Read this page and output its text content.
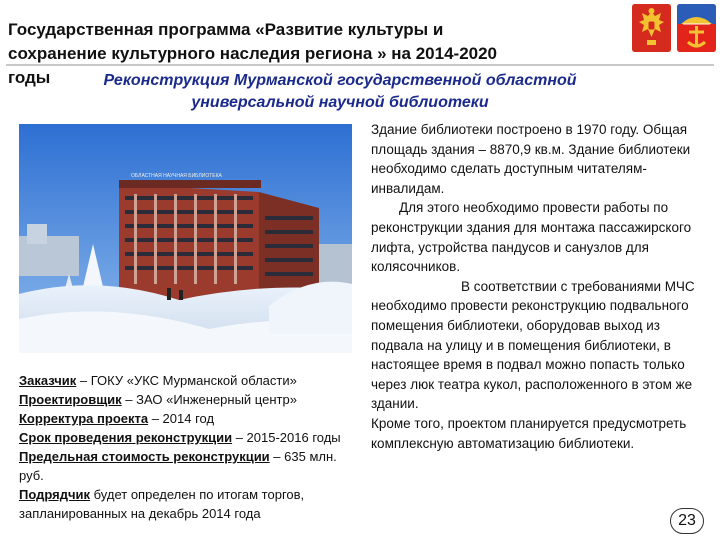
Государственная программа «Развитие культуры и сохранение культурного наследия региона » на 2014-2020 годы	Реконструкция Мурманской государственной областной
универсальной научной библиотеки
ОБЛАСТНАЯ НАУЧНАЯ БИБЛИОТЕКА

Заказчик – ГОКУ «УКС Мурманской области»

Проектировщик – ЗАО «Инженерный центр»

Корректура проекта – 2014 год

Срок проведения реконструкции – 2015-2016 годы

Предельная стоимость реконструкции – 635 млн. руб.

Подрядчик будет определен по итогам торгов, запланированных на декабрь 2014 года

Здание библиотеки построено в 1970 году. Общая площадь здания – 8870,9 кв.м. Здание библиотеки необходимо сделать доступным читателям-инвалидам.

Для этого необходимо провести работы по реконструкции здания для монтажа пассажирского лифта, устройства пандусов и санузлов для колясочников.

В соответствии с требованиями МЧС необходимо провести реконструкцию подвального помещения библиотеки, оборудовав выход из подвала на улицу и в помещения библиотеки, в настоящее время в подвал можно попасть только через люк театра кукол, расположенного в этом же здании.

Кроме того, проектом планируется предусмотреть комплексную автоматизацию библиотеки.

23
